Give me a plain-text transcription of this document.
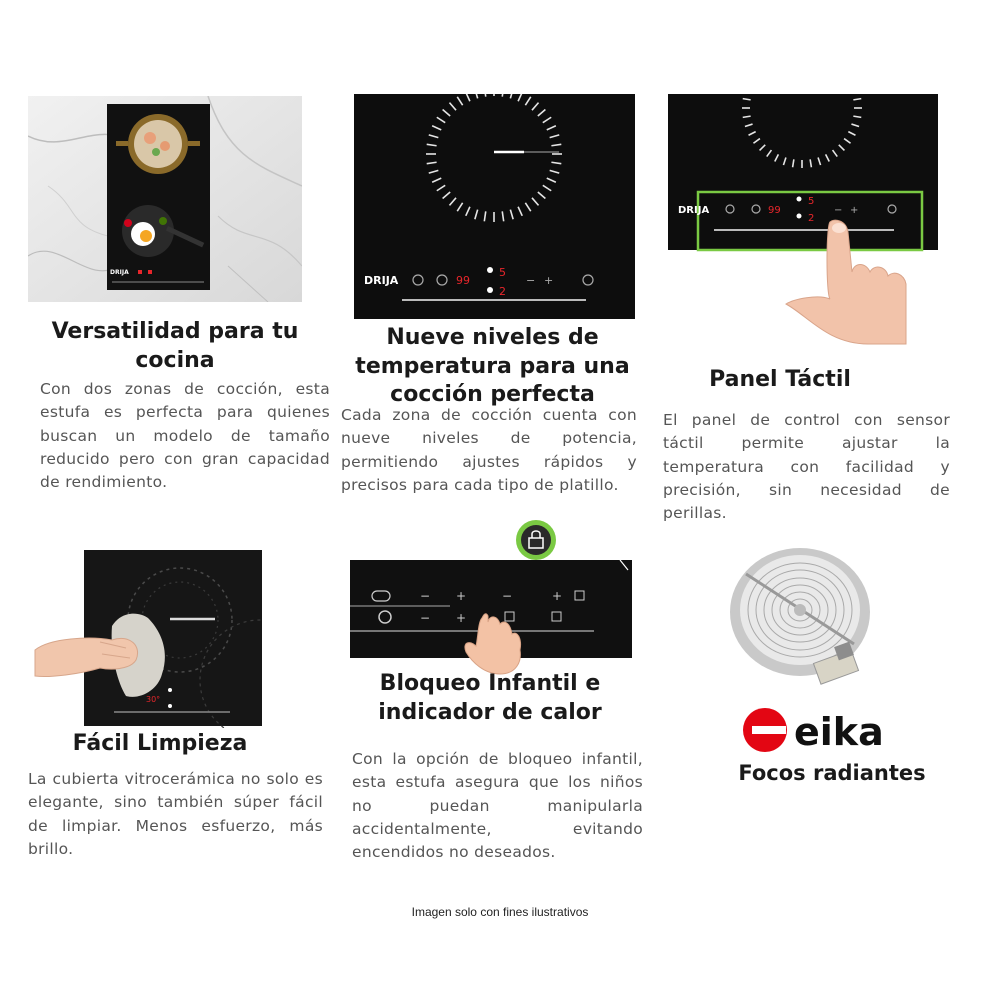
DRIJA
Versatilidad para tu cocina
Con dos zonas de cocción, esta estufa es perfecta para quienes buscan un modelo de tamaño reducido pero con gran capacidad de rendimiento.
DRIJA	99
5
2
− +
Nueve niveles de temperatura para una cocción perfecta
Cada zona de cocción cuenta con nueve niveles de potencia, permitiendo ajustes rápidos y precisos para cada tipo de platillo.
DRIJA	99
5
2
− +
Panel Táctil
El panel de control con sensor táctil permite ajustar la temperatura con facilidad y precisión, sin necesidad de perillas.
30°
Fácil Limpieza
La cubierta vitrocerámica no solo es elegante, sino también súper fácil de limpiar. Menos esfuerzo, más brillo.
− +
− +
−	+
Bloqueo Infantil e indicador de calor
Con la opción de bloqueo infantil, esta estufa asegura que los niños no puedan manipularla accidentalmente, evitando encendidos no deseados.
eika
Focos radiantes
Imagen solo con fines ilustrativos
